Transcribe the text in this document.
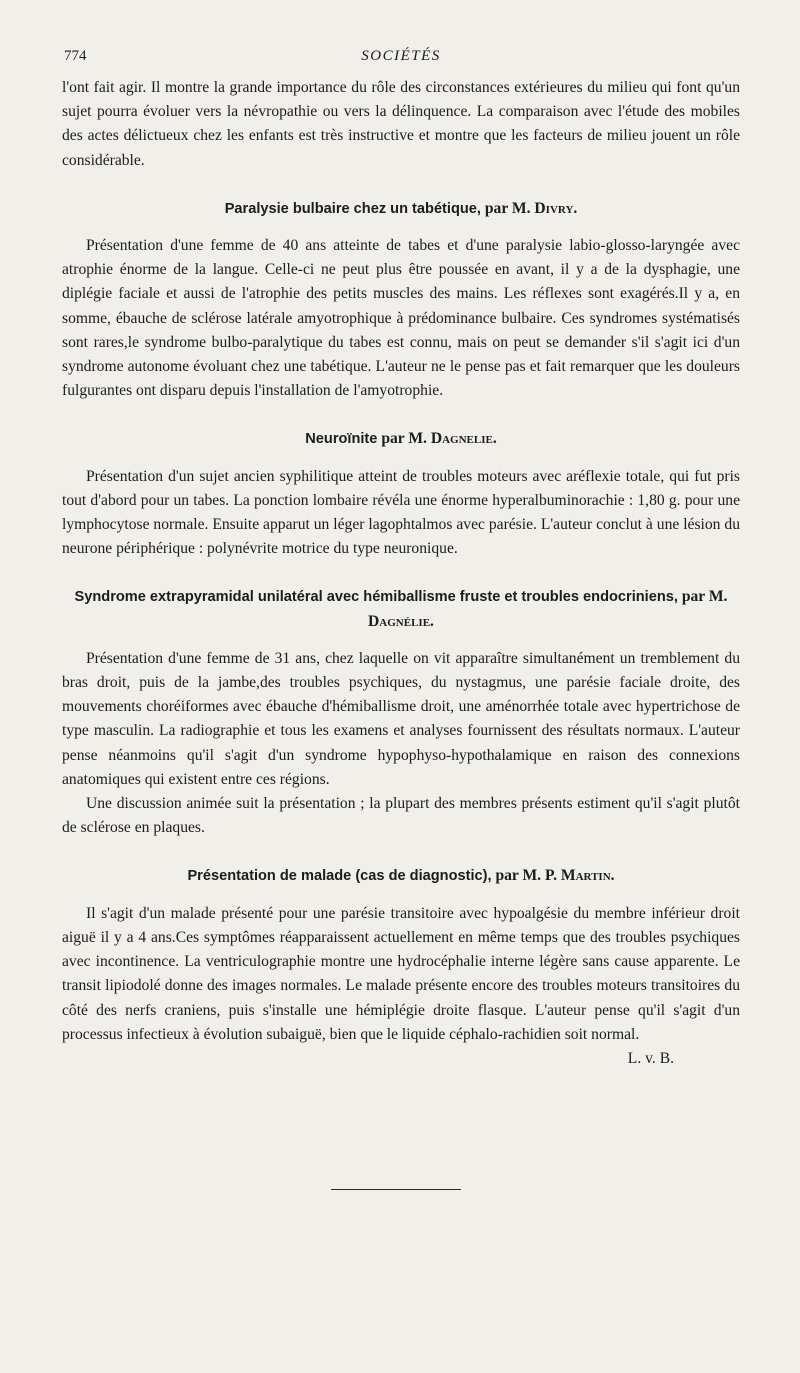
774	SOCIÉTÉS

l'ont fait agir. Il montre la grande importance du rôle des circonstances extérieures du milieu qui font qu'un sujet pourra évoluer vers la névropathie ou vers la délinquence. La comparaison avec l'étude des mobiles des actes délictueux chez les enfants est très instructive et montre que les facteurs de milieu jouent un rôle considérable.

Paralysie bulbaire chez un tabétique, par M. Divry.

Présentation d'une femme de 40 ans atteinte de tabes et d'une paralysie labio-glosso-laryngée avec atrophie énorme de la langue. Celle-ci ne peut plus être poussée en avant, il y a de la dysphagie, une diplégie faciale et aussi de l'atrophie des petits muscles des mains. Les réflexes sont exagérés.Il y a, en somme, ébauche de sclérose latérale amyotrophique à prédominance bulbaire. Ces syndromes systématisés sont rares,le syndrome bulbo-paralytique du tabes est connu, mais on peut se demander s'il s'agit ici d'un syndrome autonome évoluant chez une tabétique. L'auteur ne le pense pas et fait remarquer que les douleurs fulgurantes ont disparu depuis l'installation de l'amyotrophie.

Neuroïnite par M. Dagnelie.

Présentation d'un sujet ancien syphilitique atteint de troubles moteurs avec aréflexie totale, qui fut pris tout d'abord pour un tabes. La ponction lombaire révéla une énorme hyperalbuminorachie : 1,80 g. pour une lymphocytose normale. Ensuite apparut un léger lagophtalmos avec parésie. L'auteur conclut à une lésion du neurone périphérique : polynévrite motrice du type neuronique.

Syndrome extrapyramidal unilatéral avec hémiballisme fruste et troubles endocriniens, par M. Dagnélie.

Présentation d'une femme de 31 ans, chez laquelle on vit apparaître simultanément un tremblement du bras droit, puis de la jambe,des troubles psychiques, du nystagmus, une parésie faciale droite, des mouvements choréiformes avec ébauche d'hémiballisme droit, une aménorrhée totale avec hypertrichose de type masculin. La radiographie et tous les examens et analyses fournissent des résultats normaux. L'auteur pense néanmoins qu'il s'agit d'un syndrome hypophyso-hypothalamique en raison des connexions anatomiques qui existent entre ces régions.

Une discussion animée suit la présentation ; la plupart des membres présents estiment qu'il s'agit plutôt de sclérose en plaques.

Présentation de malade (cas de diagnostic), par M. P. Martin.

Il s'agit d'un malade présenté pour une parésie transitoire avec hypoalgésie du membre inférieur droit aiguë il y a 4 ans.Ces symptômes réapparaissent actuellement en même temps que des troubles psychiques avec incontinence. La ventriculographie montre une hydrocéphalie interne légère sans cause apparente. Le transit lipiodolé donne des images normales. Le malade présente encore des troubles moteurs transitoires du côté des nerfs craniens, puis s'installe une hémiplégie droite flasque. L'auteur pense qu'il s'agit d'un processus infectieux à évolution subaiguë, bien que le liquide céphalo-rachidien soit normal.
L. v. B.
